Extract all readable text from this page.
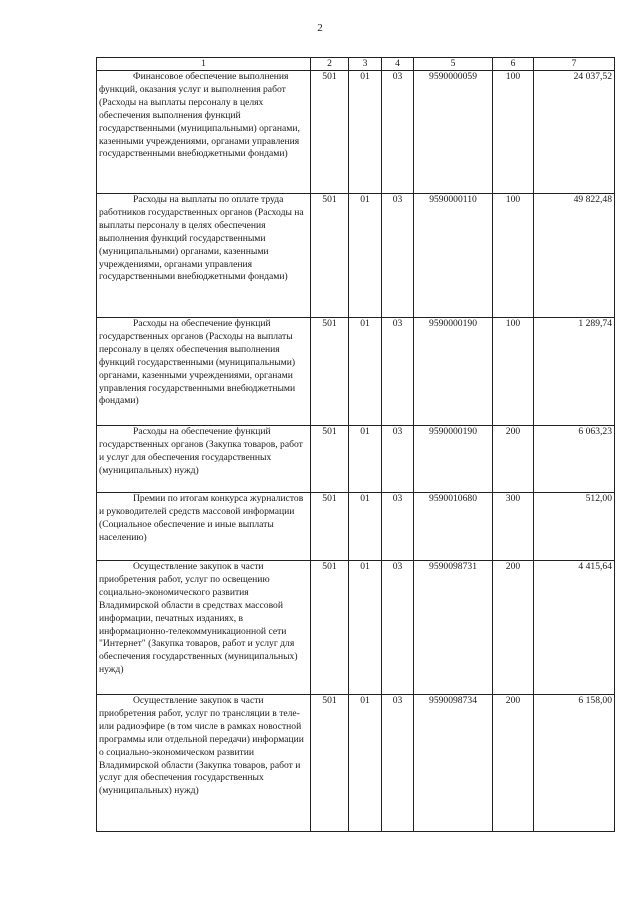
2
1	2	3	4	5	6	7
Финансовое обеспечение выполнения функций, оказания услуг и выполнения работ (Расходы на выплаты персоналу в целях обеспечения выполнения функций государственными (муниципальными) органами, казенными учреждениями, органами управления государственными внебюджетными фондами)	501	01	03	9590000059	100	24 037,52
Расходы на выплаты по оплате труда работников государственных органов (Расходы на выплаты персоналу в целях обеспечения выполнения функций государственными (муниципальными) органами, казенными учреждениями, органами управления государственными внебюджетными фондами)	501	01	03	9590000110	100	49 822,48
Расходы на обеспечение функций государственных органов (Расходы на выплаты персоналу в целях обеспечения выполнения функций государственными (муниципальными) органами, казенными учреждениями, органами управления государственными внебюджетными фондами)	501	01	03	9590000190	100	1 289,74
Расходы на обеспечение функций государственных органов (Закупка товаров, работ и услуг для обеспечения государственных (муниципальных) нужд)	501	01	03	9590000190	200	6 063,23
Премии по итогам конкурса журналистов и руководителей средств массовой информации (Социальное обеспечение и иные выплаты населению)	501	01	03	9590010680	300	512,00
Осуществление закупок в части приобретения работ, услуг по освещению социально-экономического развития Владимирской области в средствах массовой информации, печатных изданиях, в информационно-телекоммуникационной сети "Интернет" (Закупка товаров, работ и услуг для обеспечения государственных (муниципальных) нужд)	501	01	03	9590098731	200	4 415,64
Осуществление закупок в части приобретения работ, услуг по трансляции в теле- или радиоэфире (в том числе в рамках новостной программы или отдельной передачи) информации о социально-экономическом развитии Владимирской области (Закупка товаров, работ и услуг для обеспечения государственных (муниципальных) нужд)	501	01	03	9590098734	200	6 158,00
